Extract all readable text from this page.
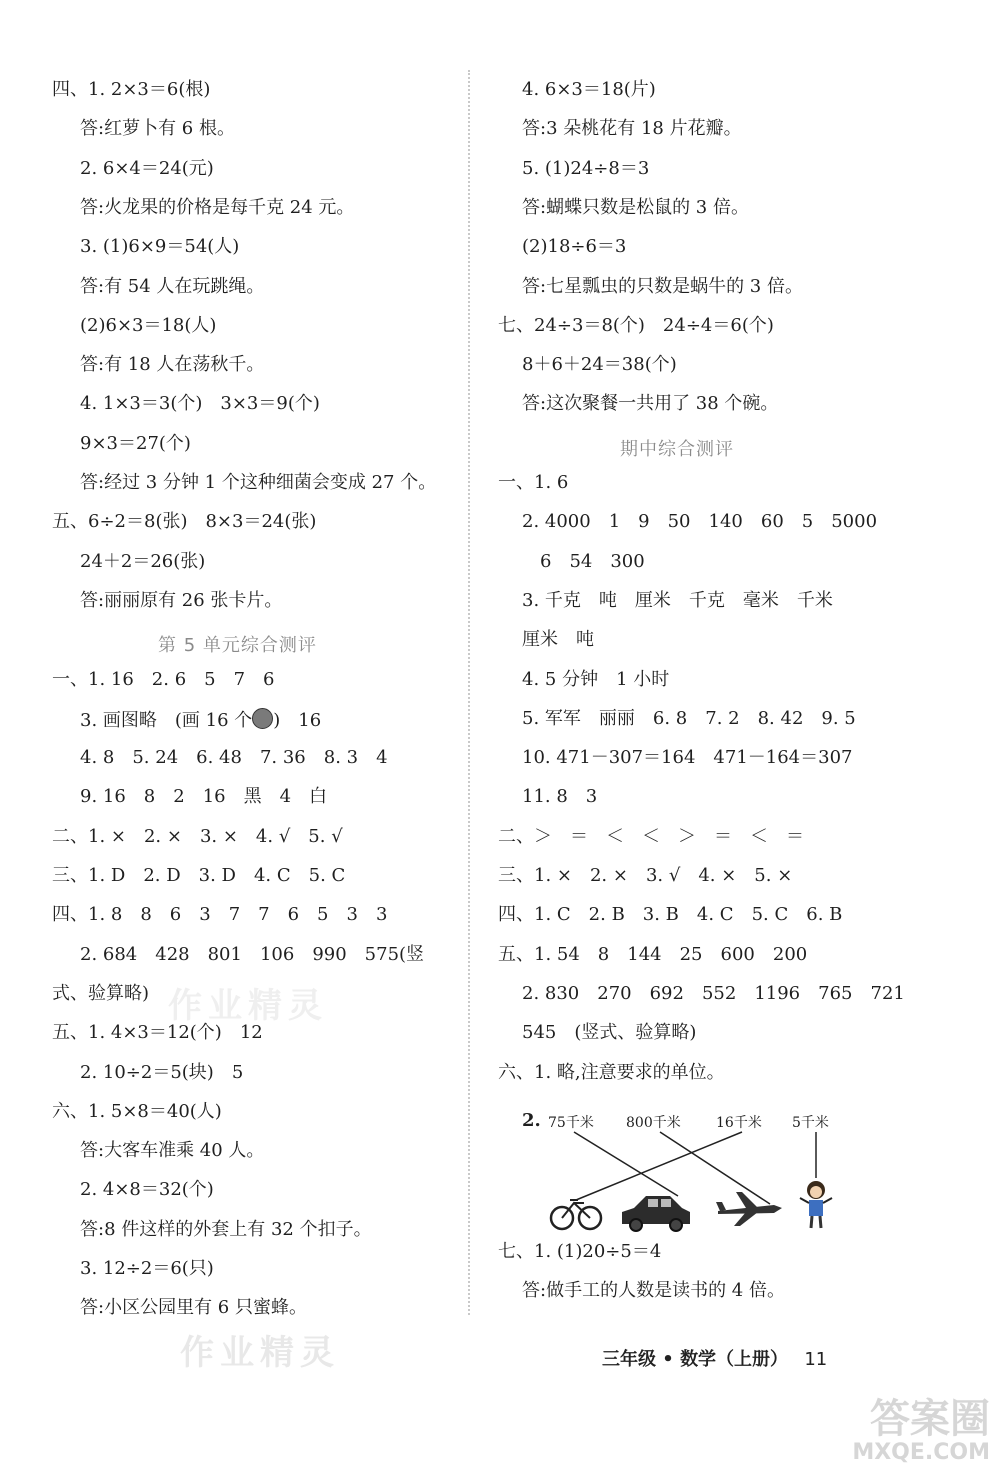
四、1. 2×3＝6(根)
答:红萝卜有 6 根。
2. 6×4＝24(元)
答:火龙果的价格是每千克 24 元。
3. (1)6×9＝54(人)
答:有 54 人在玩跳绳。
(2)6×3＝18(人)
答:有 18 人在荡秋千。
4. 1×3＝3(个)　3×3＝9(个)
9×3＝27(个)
答:经过 3 分钟 1 个这种细菌会变成 27 个。
五、6÷2＝8(张)　8×3＝24(张)
24＋2＝26(张)
答:丽丽原有 26 张卡片。
第 5 单元综合测评
一、1. 16　2. 6　5　7　6
3. 画图略　(画 16 个 )　16
4. 8　5. 24　6. 48　7. 36　8. 3　4
9. 16　8　2　16　黑　4　白
二、1. ×　2. ×　3. ×　4. √　5. √
三、1. D　2. D　3. D　4. C　5. C
四、1. 8　8　6　3　7　7　6　5　3　3
2. 684　428　801　106　990　575(竖
式、验算略)
五、1. 4×3＝12(个)　12
2. 10÷2＝5(块)　5
六、1. 5×8＝40(人)
答:大客车准乘 40 人。
2. 4×8＝32(个)
答:8 件这样的外套上有 32 个扣子。
3. 12÷2＝6(只)
答:小区公园里有 6 只蜜蜂。
4. 6×3＝18(片)
答:3 朵桃花有 18 片花瓣。
5. (1)24÷8＝3
答:蝴蝶只数是松鼠的 3 倍。
(2)18÷6＝3
答:七星瓢虫的只数是蜗牛的 3 倍。
七、24÷3＝8(个)　24÷4＝6(个)
8＋6＋24＝38(个)
答:这次聚餐一共用了 38 个碗。
期中综合测评
一、1. 6
2. 4000　1　9　50　140　60　5　5000
6　54　300
3. 千克　吨　厘米　千克　毫米　千米
厘米　吨
4. 5 分钟　1 小时
5. 军军　丽丽　6. 8　7. 2　8. 42　9. 5
10. 471－307＝164　471－164＝307
11. 8　3
二、＞　＝　＜　＜　＞　＝　＜　＝
三、1. ×　2. ×　3. √　4. ×　5. ×
四、1. C　2. B　3. B　4. C　5. C　6. B
五、1. 54　8　144　25　600　200
2. 830　270　692　552　1196　765　721
545　(竖式、验算略)
六、1. 略,注意要求的单位。
七、1. (1)20÷5＝4
答:做手工的人数是读书的 4 倍。
2. 75千米 800千米	16千米 5千米
三年级 • 数学（上册） 11
作业精灵
作业精灵
答案圈
MXQE.COM
